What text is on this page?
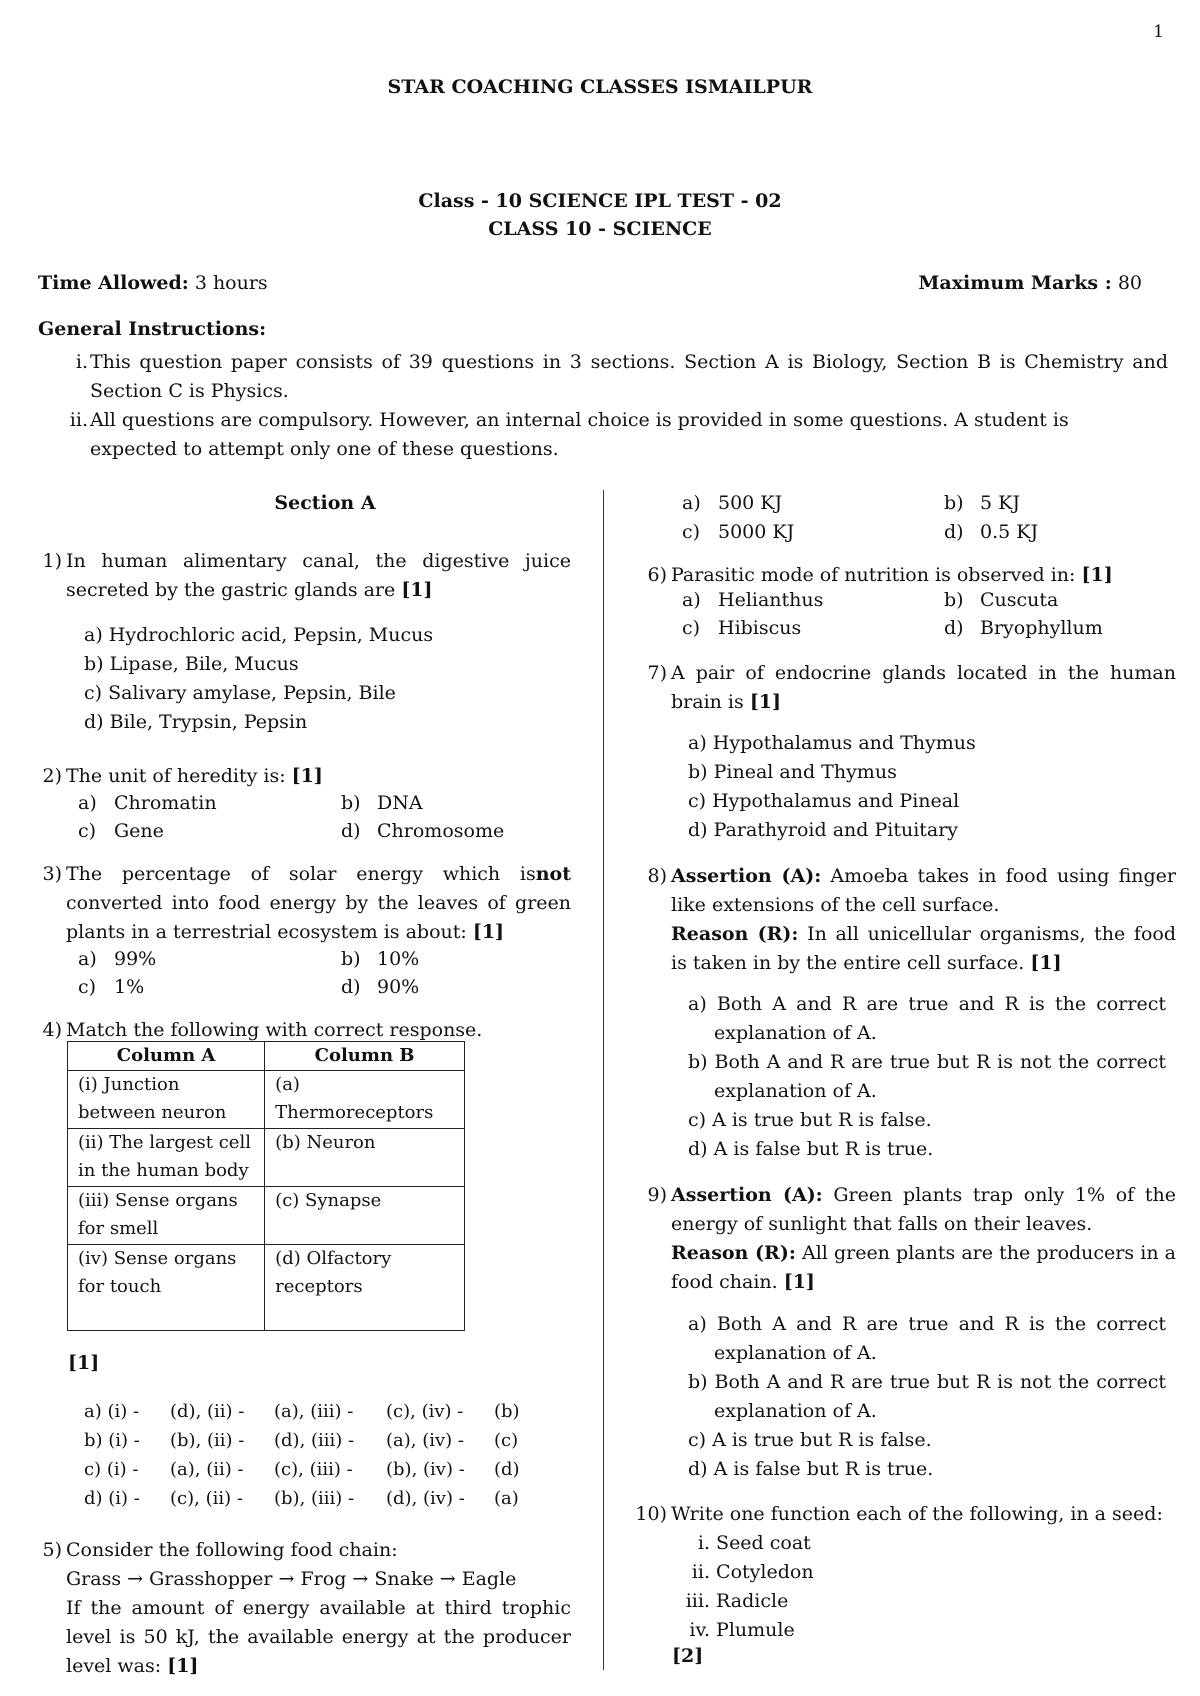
1
STAR COACHING CLASSES ISMAILPUR
Class - 10 SCIENCE IPL TEST - 02
CLASS 10 - SCIENCE
Time Allowed: 3 hours	Maximum Marks : 80
General Instructions:
i. This question paper consists of 39 questions in 3 sections. Section A is Biology, Section B is Chemistry and Section C is Physics.
ii. All questions are compulsory. However, an internal choice is provided in some questions. A student is expected to attempt only one of these questions.
Section A
1) In human alimentary canal, the digestive juice secreted by the gastric glands are [1]
a) Hydrochloric acid, Pepsin, Mucus
b) Lipase, Bile, Mucus
c) Salivary amylase, Pepsin, Bile
d) Bile, Trypsin, Pepsin
2) The unit of heredity is: [1]
a) Chromatin	b) DNA
c) Gene	d) Chromosome
3) The percentage of solar energy which isnot converted into food energy by the leaves of green plants in a terrestrial ecosystem is about: [1]
a) 99%	b) 10%
c) 1%	d) 90%
4) Match the following with correct response.
Column A	Column B
(i) Junction between neuron	(a) Thermoreceptors
(ii) The largest cell in the human body	(b) Neuron
(iii) Sense organs for smell	(c) Synapse
(iv) Sense organs for touch	(d) Olfactory receptors
[1]
a) (i) - (d), (ii) - (a), (iii) - (c), (iv) - (b)
b) (i) - (b), (ii) - (d), (iii) - (a), (iv) - (c)
c) (i) - (a), (ii) - (c), (iii) - (b), (iv) - (d)
d) (i) - (c), (ii) - (b), (iii) - (d), (iv) - (a)
5) Consider the following food chain:
Grass → Grasshopper → Frog → Snake → Eagle
If the amount of energy available at third trophic level is 50 kJ, the available energy at the producer level was: [1]
a) 500 KJ	b) 5 KJ
c) 5000 KJ	d) 0.5 KJ
6) Parasitic mode of nutrition is observed in: [1]
a) Helianthus	b) Cuscuta
c) Hibiscus	d) Bryophyllum
7) A pair of endocrine glands located in the human brain is [1]
a) Hypothalamus and Thymus
b) Pineal and Thymus
c) Hypothalamus and Pineal
d) Parathyroid and Pituitary
8) Assertion (A): Amoeba takes in food using finger like extensions of the cell surface.
Reason (R): In all unicellular organisms, the food is taken in by the entire cell surface. [1]
a) Both A and R are true and R is the correct explanation of A.
b) Both A and R are true but R is not the correct explanation of A.
c) A is true but R is false.
d) A is false but R is true.
9) Assertion (A): Green plants trap only 1% of the energy of sunlight that falls on their leaves.
Reason (R): All green plants are the producers in a food chain. [1]
a) Both A and R are true and R is the correct explanation of A.
b) Both A and R are true but R is not the correct explanation of A.
c) A is true but R is false.
d) A is false but R is true.
10) Write one function each of the following, in a seed:
i. Seed coat
ii. Cotyledon
iii. Radicle
iv. Plumule
[2]
